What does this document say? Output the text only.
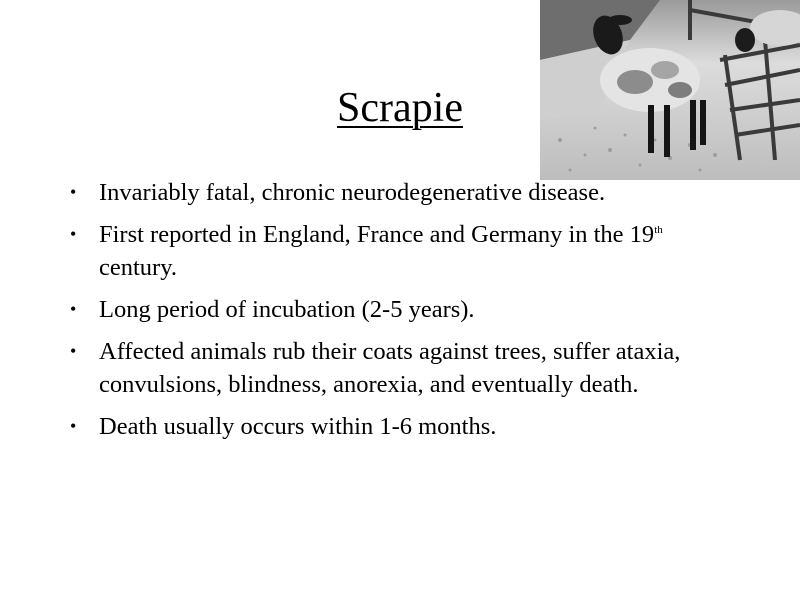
Scrapie
• Invariably fatal, chronic neurodegenerative disease.
• First reported in England, France and Germany in the 19th century.
• Long period of incubation (2-5 years).
• Affected animals rub their coats against trees, suffer ataxia, convulsions, blindness, anorexia, and eventually death.
• Death usually occurs within 1-6 months.
